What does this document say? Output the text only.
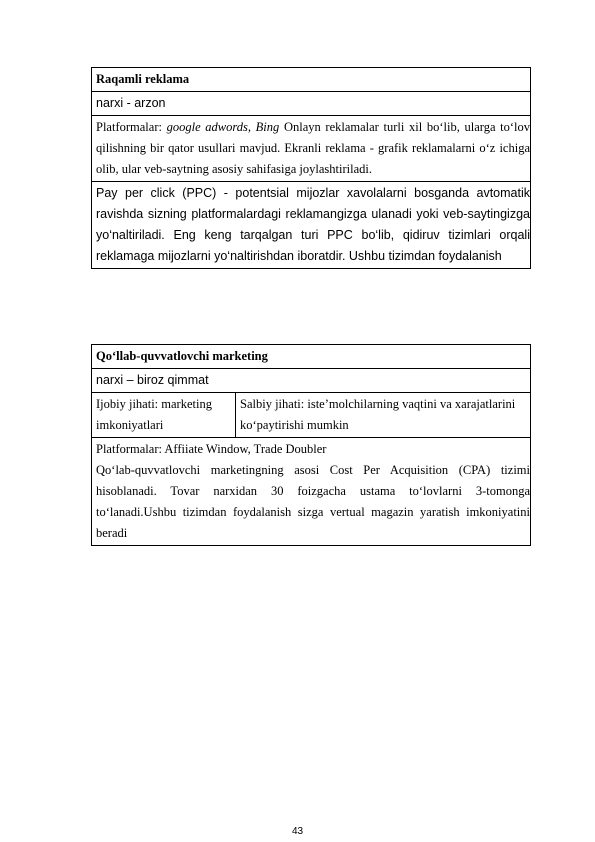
Raqamli reklama
narxi - arzon
Platformalar: google adwords, Bing Onlayn reklamalar turli xil bo‘lib, ularga to‘lov qilishning bir qator usullari mavjud. Ekranli reklama - grafik reklamalarni o‘z ichiga olib, ular veb-saytning asosiy sahifasiga joylashtiriladi.
Pay per click (PPC) - potentsial mijozlar xavolalarni bosganda avtomatik ravishda sizning platformalardagi reklamangizga ulanadi yoki veb-saytingizga yo‘naltiriladi. Eng keng tarqalgan turi PPC bo‘lib, qidiruv tizimlari orqali reklamaga mijozlarni yo‘naltirishdan iboratdir. Ushbu tizimdan foydalanish
Qo‘llab-quvvatlovchi marketing
narxi – biroz qimmat
Ijobiy jihati: marketing imkoniyatlari	Salbiy jihati: iste’molchilarning vaqtini va xarajatlarini ko‘paytirishi mumkin

Platformalar: Affiiate Window, Trade Doubler
Qo‘lab-quvvatlovchi marketingning asosi Cost Per Acquisition (CPA) tizimi hisoblanadi. Tovar narxidan 30 foizgacha ustama to‘lovlarni 3-tomonga to‘lanadi.Ushbu tizimdan foydalanish sizga vertual magazin yaratish imkoniyatini beradi
43
